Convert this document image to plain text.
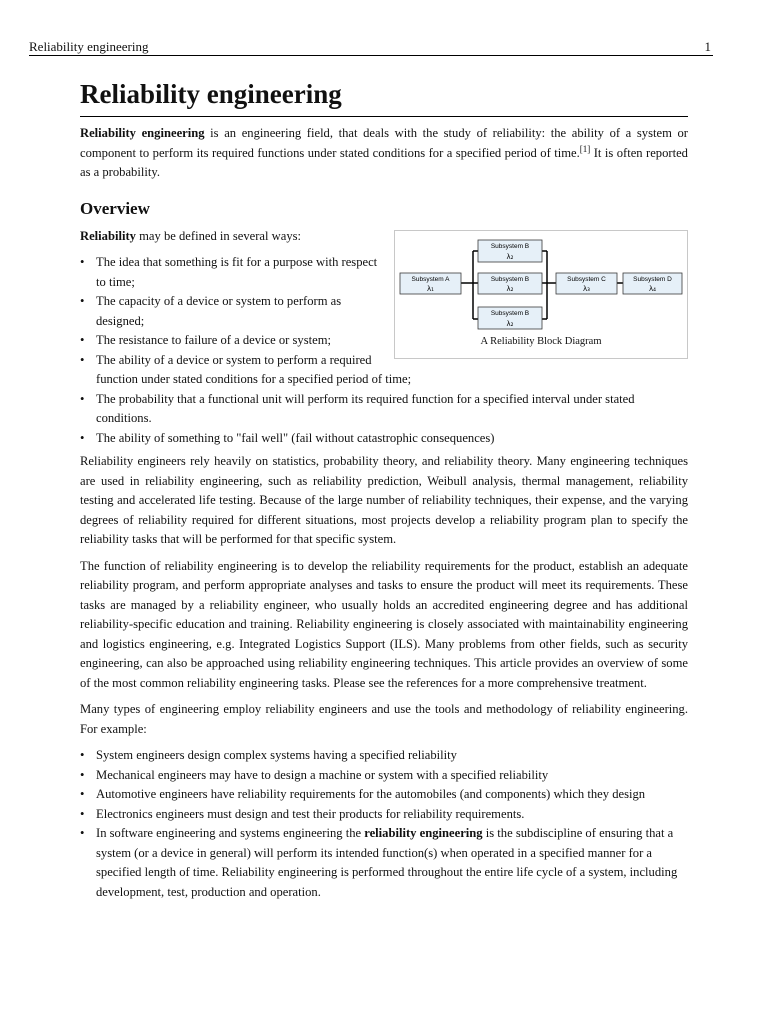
Reliability engineering	1
Reliability engineering

Reliability engineering is an engineering field, that deals with the study of reliability: the ability of a system or component to perform its required functions under stated conditions for a specified period of time.[1] It is often reported as a probability.

Overview
Subsystem A
λ₁
Subsystem B
λ₂
Subsystem B
λ₂
Subsystem B
λ₂
Subsystem C
λ₃
Subsystem D
λ₄
A Reliability Block Diagram

Reliability may be defined in several ways:

• The idea that something is fit for a purpose with respect to time;
• The capacity of a device or system to perform as designed;
• The resistance to failure of a device or system;
• The ability of a device or system to perform a required function under stated conditions for a specified period of time;
• The probability that a functional unit will perform its required function for a specified interval under stated conditions.
• The ability of something to "fail well" (fail without catastrophic consequences)

Reliability engineers rely heavily on statistics, probability theory, and reliability theory. Many engineering techniques are used in reliability engineering, such as reliability prediction, Weibull analysis, thermal management, reliability testing and accelerated life testing. Because of the large number of reliability techniques, their expense, and the varying degrees of reliability required for different situations, most projects develop a reliability program plan to specify the reliability tasks that will be performed for that specific system.

The function of reliability engineering is to develop the reliability requirements for the product, establish an adequate reliability program, and perform appropriate analyses and tasks to ensure the product will meet its requirements. These tasks are managed by a reliability engineer, who usually holds an accredited engineering degree and has additional reliability-specific education and training. Reliability engineering is closely associated with maintainability engineering and logistics engineering, e.g. Integrated Logistics Support (ILS). Many problems from other fields, such as security engineering, can also be approached using reliability engineering techniques. This article provides an overview of some of the most common reliability engineering tasks. Please see the references for a more comprehensive treatment.

Many types of engineering employ reliability engineers and use the tools and methodology of reliability engineering. For example:

• System engineers design complex systems having a specified reliability
• Mechanical engineers may have to design a machine or system with a specified reliability
• Automotive engineers have reliability requirements for the automobiles (and components) which they design
• Electronics engineers must design and test their products for reliability requirements.
• In software engineering and systems engineering the reliability engineering is the subdiscipline of ensuring that a system (or a device in general) will perform its intended function(s) when operated in a specified manner for a specified length of time. Reliability engineering is performed throughout the entire life cycle of a system, including development, test, production and operation.
